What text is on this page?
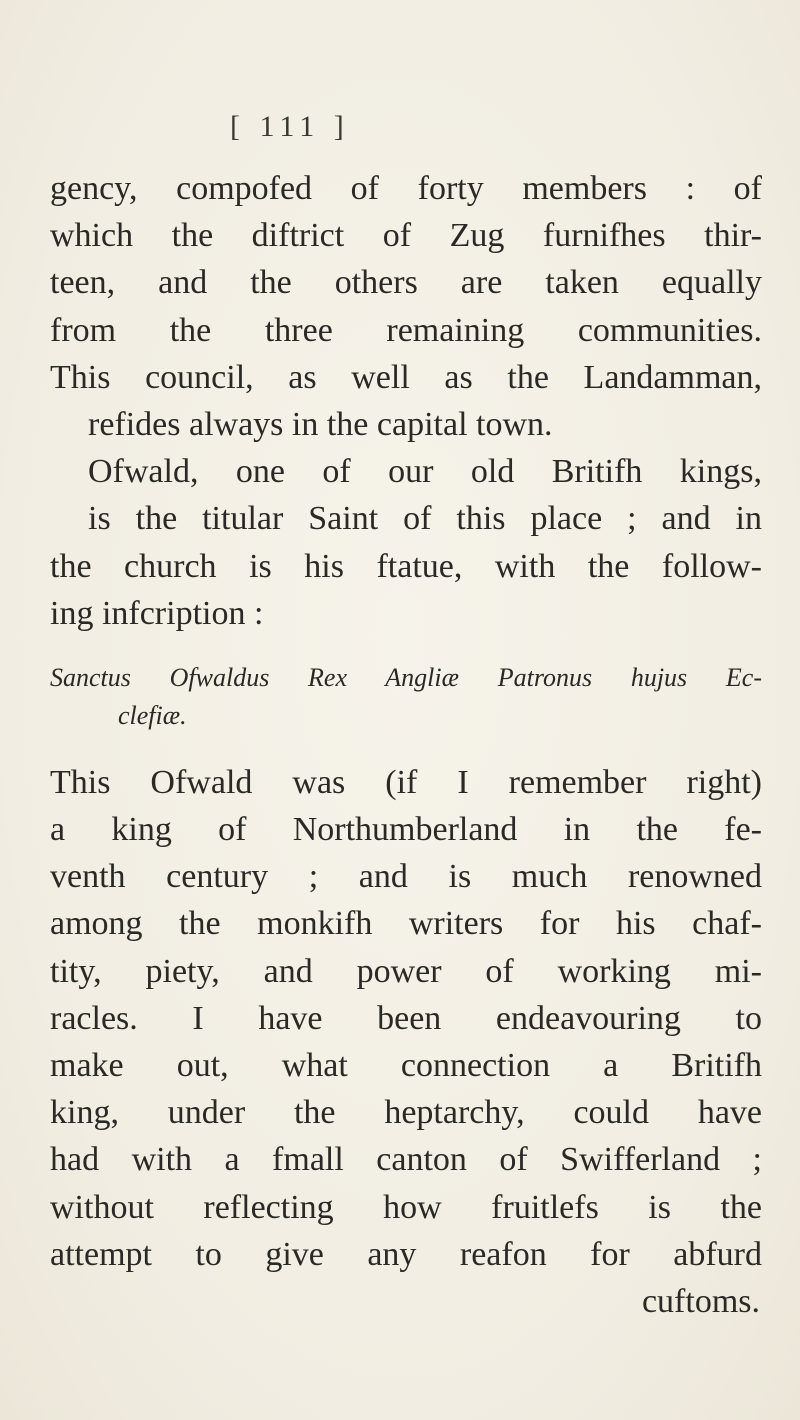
[ 111 ]
gency, compofed of forty members : of
which the diftrict of Zug furnifhes thir-
teen, and the others are taken equally
from the three remaining communities.
This council, as well as the Landamman,
refides always in the capital town.
Ofwald, one of our old Britifh kings,
is the titular Saint of this place ; and in
the church is his ftatue, with the follow-
ing infcription :
Sanctus Ofwaldus Rex Angliæ Patronus hujus Ec-
clefiæ.
This Ofwald was (if I remember right)
a king of Northumberland in the fe-
venth century ; and is much renowned
among the monkifh writers for his chaf-
tity, piety, and power of working mi-
racles. I have been endeavouring to
make out, what connection a Britifh
king, under the heptarchy, could have
had with a fmall canton of Swifferland ;
without reflecting how fruitlefs is the
attempt to give any reafon for abfurd
cuftoms.
